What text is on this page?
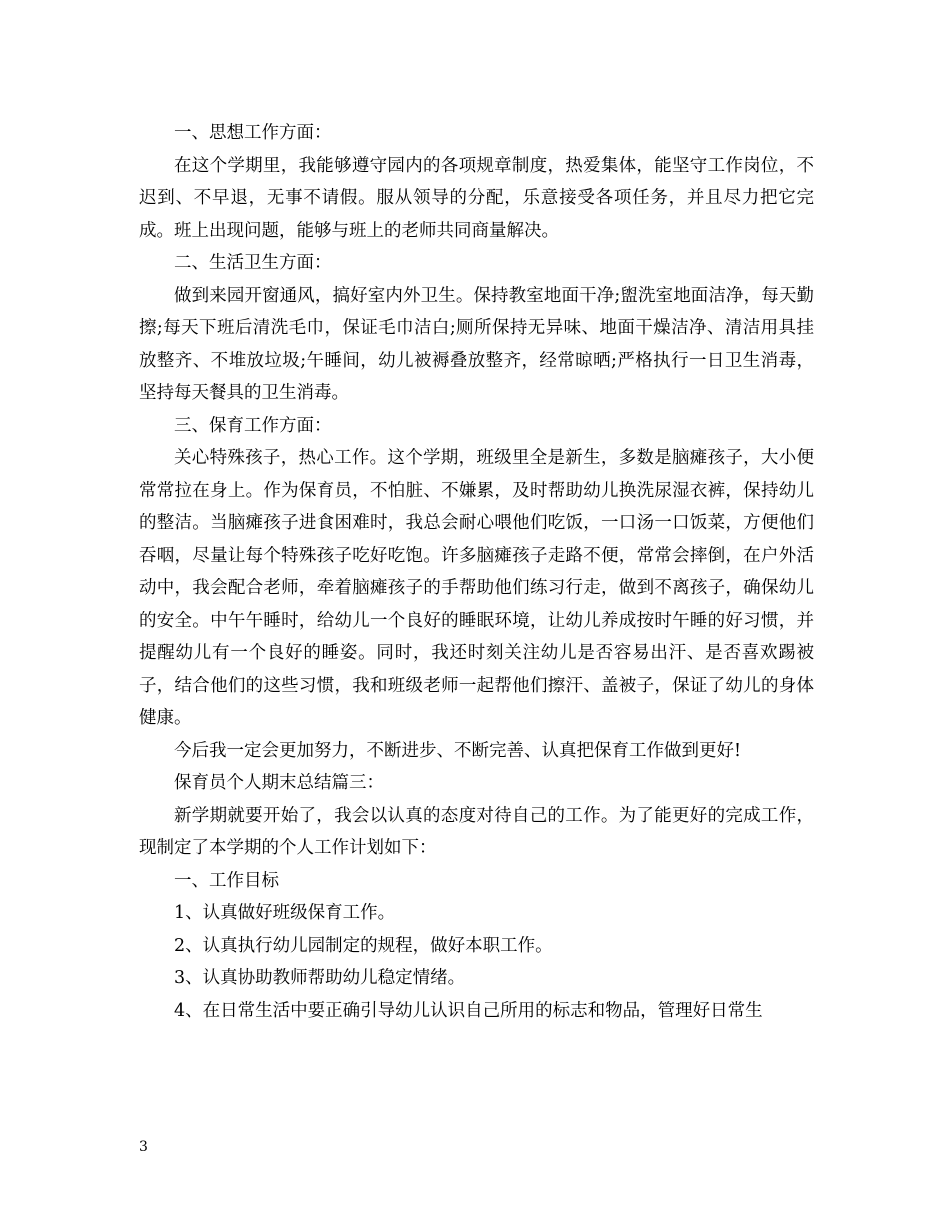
一、思想工作方面：

在这个学期里，我能够遵守园内的各项规章制度，热爱集体，能坚守工作岗位，不迟到、不早退，无事不请假。服从领导的分配，乐意接受各项任务，并且尽力把它完成。班上出现问题，能够与班上的老师共同商量解决。

二、生活卫生方面：

做到来园开窗通风，搞好室内外卫生。保持教室地面干净;盥洗室地面洁净，每天勤擦;每天下班后清洗毛巾，保证毛巾洁白;厕所保持无异味、地面干燥洁净、清洁用具挂放整齐、不堆放垃圾;午睡间，幼儿被褥叠放整齐，经常晾晒;严格执行一日卫生消毒，坚持每天餐具的卫生消毒。

三、保育工作方面：

关心特殊孩子，热心工作。这个学期，班级里全是新生，多数是脑瘫孩子，大小便常常拉在身上。作为保育员，不怕脏、不嫌累，及时帮助幼儿换洗尿湿衣裤，保持幼儿的整洁。当脑瘫孩子进食困难时，我总会耐心喂他们吃饭，一口汤一口饭菜，方便他们吞咽，尽量让每个特殊孩子吃好吃饱。许多脑瘫孩子走路不便，常常会摔倒，在户外活动中，我会配合老师，牵着脑瘫孩子的手帮助他们练习行走，做到不离孩子，确保幼儿的安全。中午午睡时，给幼儿一个良好的睡眠环境，让幼儿养成按时午睡的好习惯，并提醒幼儿有一个良好的睡姿。同时，我还时刻关注幼儿是否容易出汗、是否喜欢踢被子，结合他们的这些习惯，我和班级老师一起帮他们擦汗、盖被子，保证了幼儿的身体健康。

今后我一定会更加努力，不断进步、不断完善、认真把保育工作做到更好!

保育员个人期末总结篇三：

新学期就要开始了，我会以认真的态度对待自己的工作。为了能更好的完成工作，现制定了本学期的个人工作计划如下：

一、工作目标

1、认真做好班级保育工作。

2、认真执行幼儿园制定的规程，做好本职工作。

3、认真协助教师帮助幼儿稳定情绪。

4、在日常生活中要正确引导幼儿认识自己所用的标志和物品，管理好日常生

3
